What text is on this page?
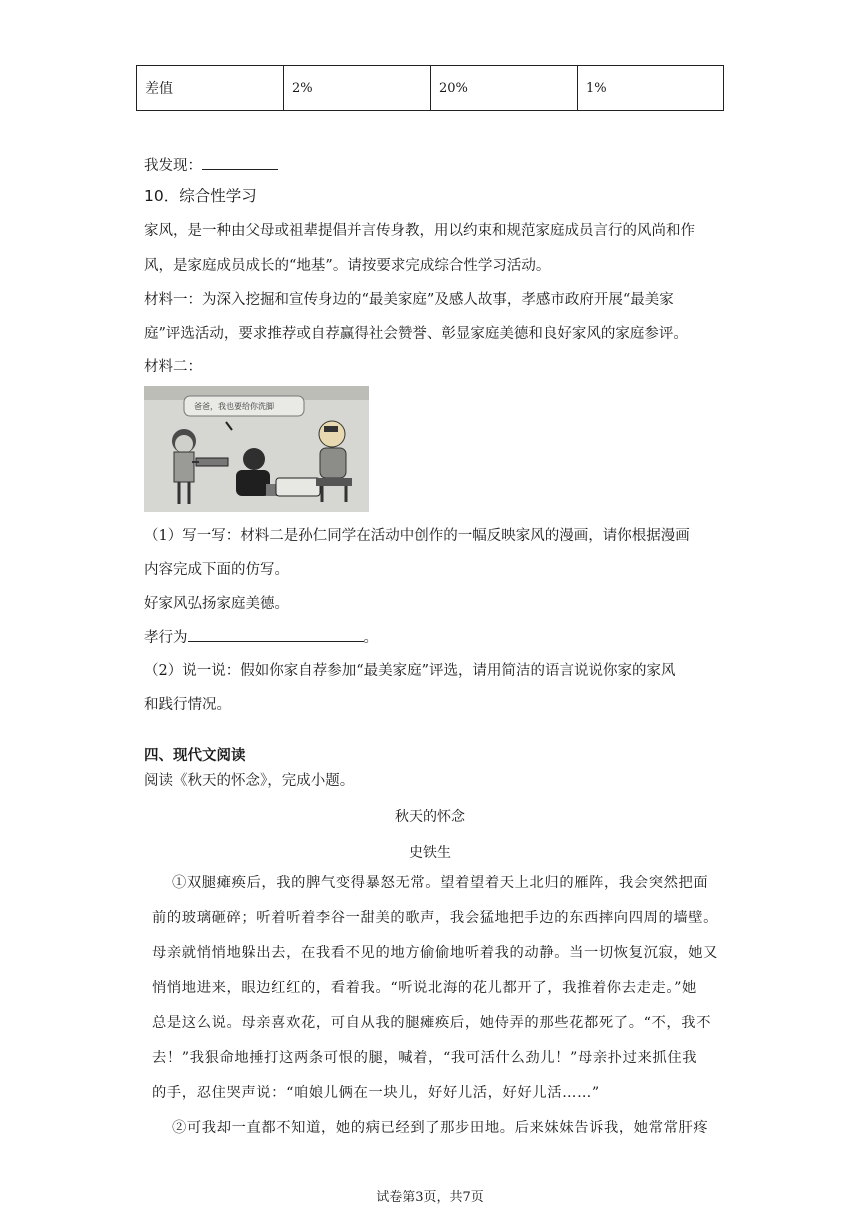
差值	2%	20%	1%
我发现：
10．综合性学习
家风，是一种由父母或祖辈提倡并言传身教，用以约束和规范家庭成员言行的风尚和作
风，是家庭成员成长的“地基”。请按要求完成综合性学习活动。
材料一：为深入挖掘和宣传身边的“最美家庭”及感人故事，孝感市政府开展“最美家
庭”评选活动，要求推荐或自荐赢得社会赞誉、彰显家庭美德和良好家风的家庭参评。
材料二：
爸爸，我也要给你洗脚
（1）写一写：材料二是孙仁同学在活动中创作的一幅反映家风的漫画，请你根据漫画
内容完成下面的仿写。
好家风弘扬家庭美德。
孝行为	。
（2）说一说：假如你家自荐参加“最美家庭”评选，请用简洁的语言说说你家的家风
和践行情况。
四、现代文阅读
阅读《秋天的怀念》，完成小题。
秋天的怀念
史铁生
①双腿瘫痪后，我的脾气变得暴怒无常。望着望着天上北归的雁阵，我会突然把面
前的玻璃砸碎；听着听着李谷一甜美的歌声，我会猛地把手边的东西摔向四周的墙壁。
母亲就悄悄地躲出去，在我看不见的地方偷偷地听着我的动静。当一切恢复沉寂，她又
悄悄地进来，眼边红红的，看着我。“听说北海的花儿都开了，我推着你去走走。”她
总是这么说。母亲喜欢花，可自从我的腿瘫痪后，她侍弄的那些花都死了。“不，我不
去！”我狠命地捶打这两条可恨的腿，喊着，“我可活什么劲儿！”母亲扑过来抓住我
的手，忍住哭声说：“咱娘儿俩在一块儿，好好儿活，好好儿活……”
②可我却一直都不知道，她的病已经到了那步田地。后来妹妹告诉我，她常常肝疼
试卷第3页，共7页
